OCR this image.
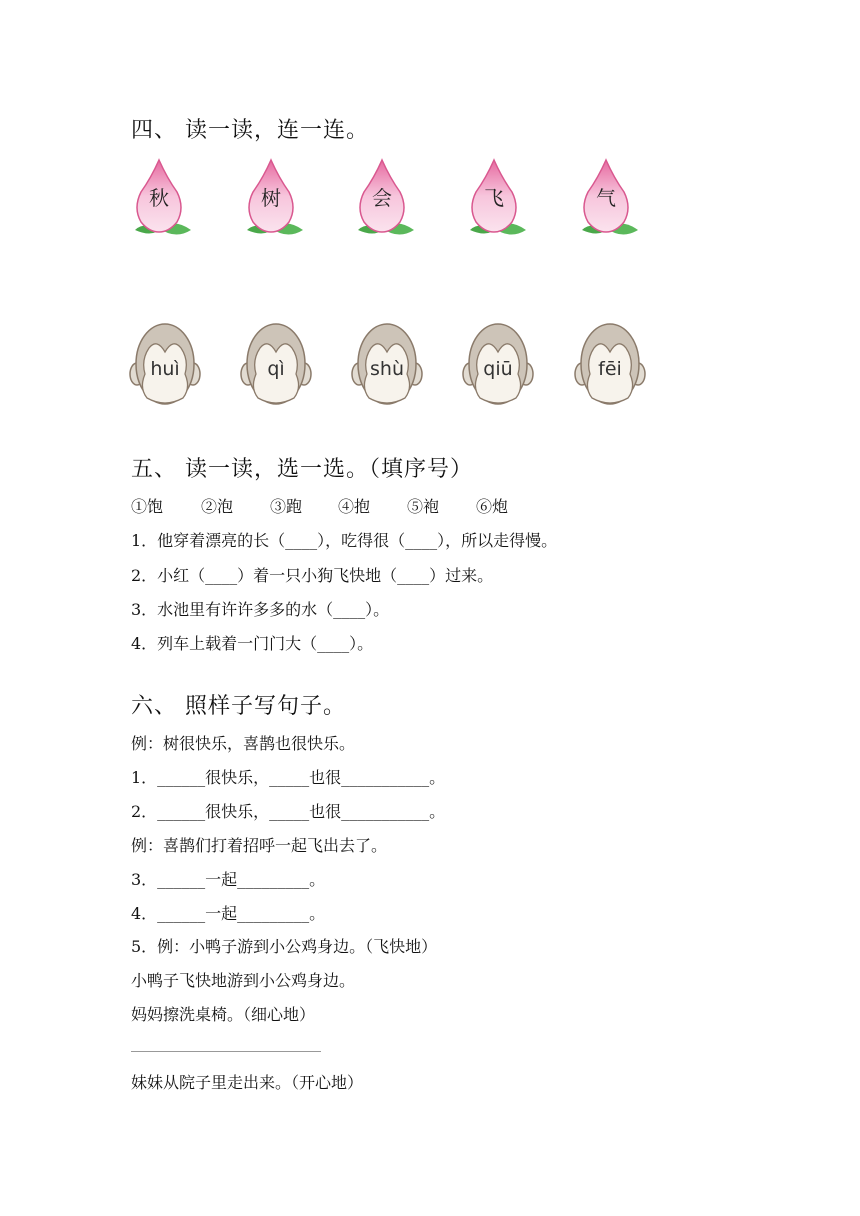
四、 读一读，连一连。
秋	树	会	飞	气
huì	qì	shù	qiū	fēi
五、 读一读，选一选。（填序号）
①饱 ②泡 ③跑 ④抱 ⑤袍 ⑥炮
1．他穿着漂亮的长（____），吃得很（____），所以走得慢。
2．小红（____）着一只小狗飞快地（____）过来。
3．水池里有许许多多的水（____）。
4．列车上载着一门门大（____）。
六、 照样子写句子。
例：树很快乐，喜鹊也很快乐。
1．______很快乐，_____也很___________。
2．______很快乐，_____也很___________。
例：喜鹊们打着招呼一起飞出去了。
3．______一起_________。
4．______一起_________。
5．例：小鸭子游到小公鸡身边。（飞快地）
小鸭子飞快地游到小公鸡身边。
妈妈擦洗桌椅。（细心地）
妹妹从院子里走出来。（开心地）
